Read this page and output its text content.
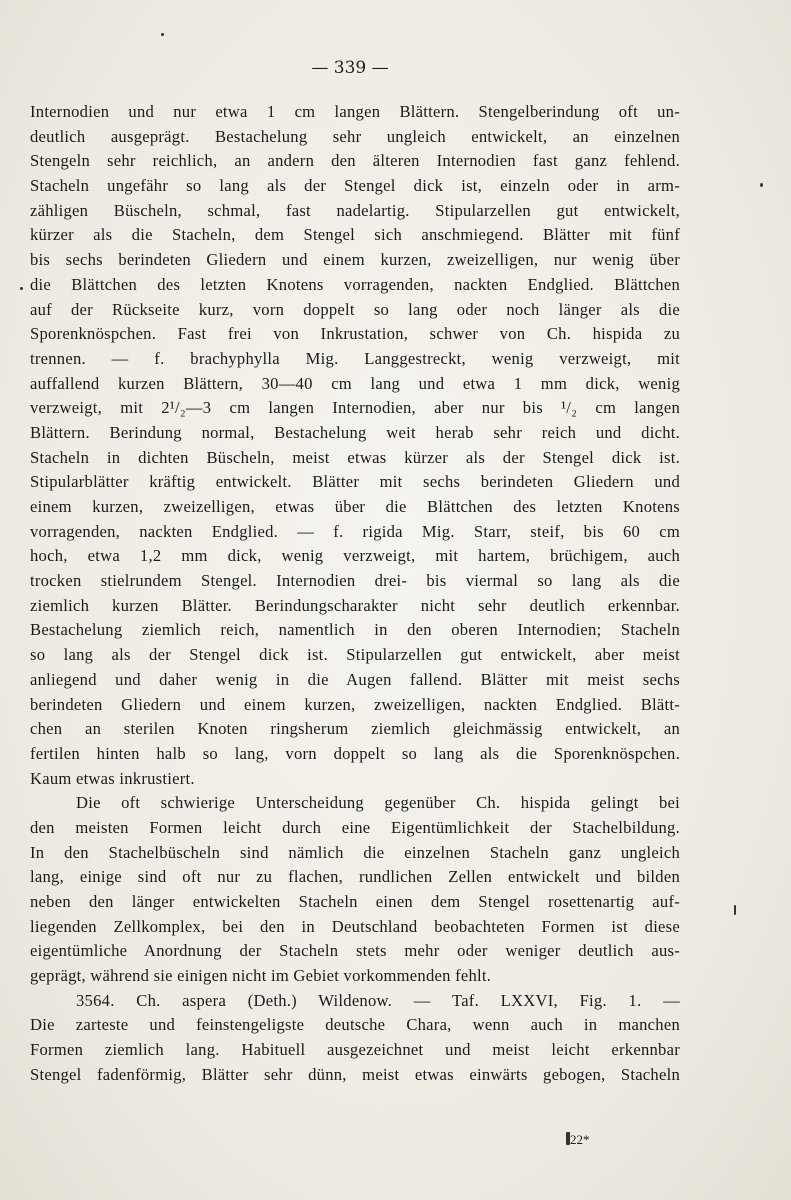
— 339 —
Internodien und nur etwa 1 cm langen Blättern. Stengelberindung oft un-
deutlich ausgeprägt. Bestachelung sehr ungleich entwickelt, an einzelnen
Stengeln sehr reichlich, an andern den älteren Internodien fast ganz fehlend.
Stacheln ungefähr so lang als der Stengel dick ist, einzeln oder in arm-
zähligen Büscheln, schmal, fast nadelartig. Stipularzellen gut entwickelt,
kürzer als die Stacheln, dem Stengel sich anschmiegend. Blätter mit fünf
bis sechs berindeten Gliedern und einem kurzen, zweizelligen, nur wenig über
die Blättchen des letzten Knotens vorragenden, nackten Endglied. Blättchen
auf der Rückseite kurz, vorn doppelt so lang oder noch länger als die
Sporenknöspchen. Fast frei von Inkrustation, schwer von Ch. hispida zu
trennen. — f. brachyphylla Mig. Langgestreckt, wenig verzweigt, mit
auffallend kurzen Blättern, 30—40 cm lang und etwa 1 mm dick, wenig
verzweigt, mit 2¹/₂—3 cm langen Internodien, aber nur bis ¹/₂ cm langen
Blättern. Berindung normal, Bestachelung weit herab sehr reich und dicht.
Stacheln in dichten Büscheln, meist etwas kürzer als der Stengel dick ist.
Stipularblätter kräftig entwickelt. Blätter mit sechs berindeten Gliedern und
einem kurzen, zweizelligen, etwas über die Blättchen des letzten Knotens
vorragenden, nackten Endglied. — f. rigida Mig. Starr, steif, bis 60 cm
hoch, etwa 1,2 mm dick, wenig verzweigt, mit hartem, brüchigem, auch
trocken stielrundem Stengel. Internodien drei- bis viermal so lang als die
ziemlich kurzen Blätter. Berindungscharakter nicht sehr deutlich erkennbar.
Bestachelung ziemlich reich, namentlich in den oberen Internodien; Stacheln
so lang als der Stengel dick ist. Stipularzellen gut entwickelt, aber meist
anliegend und daher wenig in die Augen fallend. Blätter mit meist sechs
berindeten Gliedern und einem kurzen, zweizelligen, nackten Endglied. Blätt-
chen an sterilen Knoten ringsherum ziemlich gleichmässig entwickelt, an
fertilen hinten halb so lang, vorn doppelt so lang als die Sporenknöspchen.
Kaum etwas inkrustiert.
Die oft schwierige Unterscheidung gegenüber Ch. hispida gelingt bei
den meisten Formen leicht durch eine Eigentümlichkeit der Stachelbildung.
In den Stachelbüscheln sind nämlich die einzelnen Stacheln ganz ungleich
lang, einige sind oft nur zu flachen, rundlichen Zellen entwickelt und bilden
neben den länger entwickelten Stacheln einen dem Stengel rosettenartig auf-
liegenden Zellkomplex, bei den in Deutschland beobachteten Formen ist diese
eigentümliche Anordnung der Stacheln stets mehr oder weniger deutlich aus-
geprägt, während sie einigen nicht im Gebiet vorkommenden fehlt.
3564. Ch. aspera (Deth.) Wildenow. — Taf. LXXVI, Fig. 1. —
Die zarteste und feinstengeligste deutsche Chara, wenn auch in manchen
Formen ziemlich lang. Habituell ausgezeichnet und meist leicht erkennbar
Stengel fadenförmig, Blätter sehr dünn, meist etwas einwärts gebogen, Stacheln
22*
